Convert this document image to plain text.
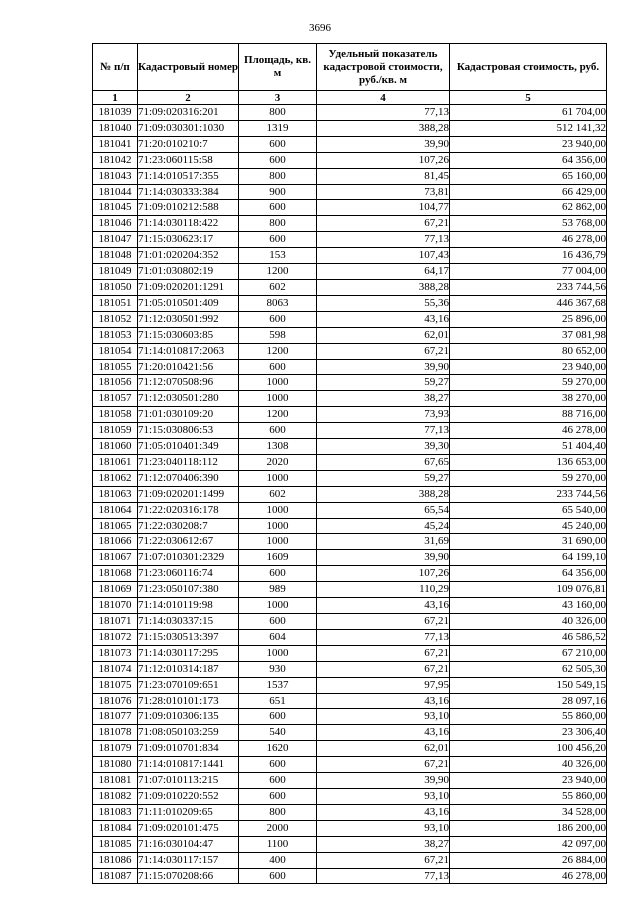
3696
№ п/п	Кадастровый номер	Площадь, кв. м	Удельный показатель кадастровой стоимости, руб./кв. м	Кадастровая стоимость, руб.
1	2	3	4	5
181039	71:09:020316:201	800	77,13	61 704,00
181040	71:09:030301:1030	1319	388,28	512 141,32
181041	71:20:010210:7	600	39,90	23 940,00
181042	71:23:060115:58	600	107,26	64 356,00
181043	71:14:010517:355	800	81,45	65 160,00
181044	71:14:030333:384	900	73,81	66 429,00
181045	71:09:010212:588	600	104,77	62 862,00
181046	71:14:030118:422	800	67,21	53 768,00
181047	71:15:030623:17	600	77,13	46 278,00
181048	71:01:020204:352	153	107,43	16 436,79
181049	71:01:030802:19	1200	64,17	77 004,00
181050	71:09:020201:1291	602	388,28	233 744,56
181051	71:05:010501:409	8063	55,36	446 367,68
181052	71:12:030501:992	600	43,16	25 896,00
181053	71:15:030603:85	598	62,01	37 081,98
181054	71:14:010817:2063	1200	67,21	80 652,00
181055	71:20:010421:56	600	39,90	23 940,00
181056	71:12:070508:96	1000	59,27	59 270,00
181057	71:12:030501:280	1000	38,27	38 270,00
181058	71:01:030109:20	1200	73,93	88 716,00
181059	71:15:030806:53	600	77,13	46 278,00
181060	71:05:010401:349	1308	39,30	51 404,40
181061	71:23:040118:112	2020	67,65	136 653,00
181062	71:12:070406:390	1000	59,27	59 270,00
181063	71:09:020201:1499	602	388,28	233 744,56
181064	71:22:020316:178	1000	65,54	65 540,00
181065	71:22:030208:7	1000	45,24	45 240,00
181066	71:22:030612:67	1000	31,69	31 690,00
181067	71:07:010301:2329	1609	39,90	64 199,10
181068	71:23:060116:74	600	107,26	64 356,00
181069	71:23:050107:380	989	110,29	109 076,81
181070	71:14:010119:98	1000	43,16	43 160,00
181071	71:14:030337:15	600	67,21	40 326,00
181072	71:15:030513:397	604	77,13	46 586,52
181073	71:14:030117:295	1000	67,21	67 210,00
181074	71:12:010314:187	930	67,21	62 505,30
181075	71:23:070109:651	1537	97,95	150 549,15
181076	71:28:010101:173	651	43,16	28 097,16
181077	71:09:010306:135	600	93,10	55 860,00
181078	71:08:050103:259	540	43,16	23 306,40
181079	71:09:010701:834	1620	62,01	100 456,20
181080	71:14:010817:1441	600	67,21	40 326,00
181081	71:07:010113:215	600	39,90	23 940,00
181082	71:09:010220:552	600	93,10	55 860,00
181083	71:11:010209:65	800	43,16	34 528,00
181084	71:09:020101:475	2000	93,10	186 200,00
181085	71:16:030104:47	1100	38,27	42 097,00
181086	71:14:030117:157	400	67,21	26 884,00
181087	71:15:070208:66	600	77,13	46 278,00
